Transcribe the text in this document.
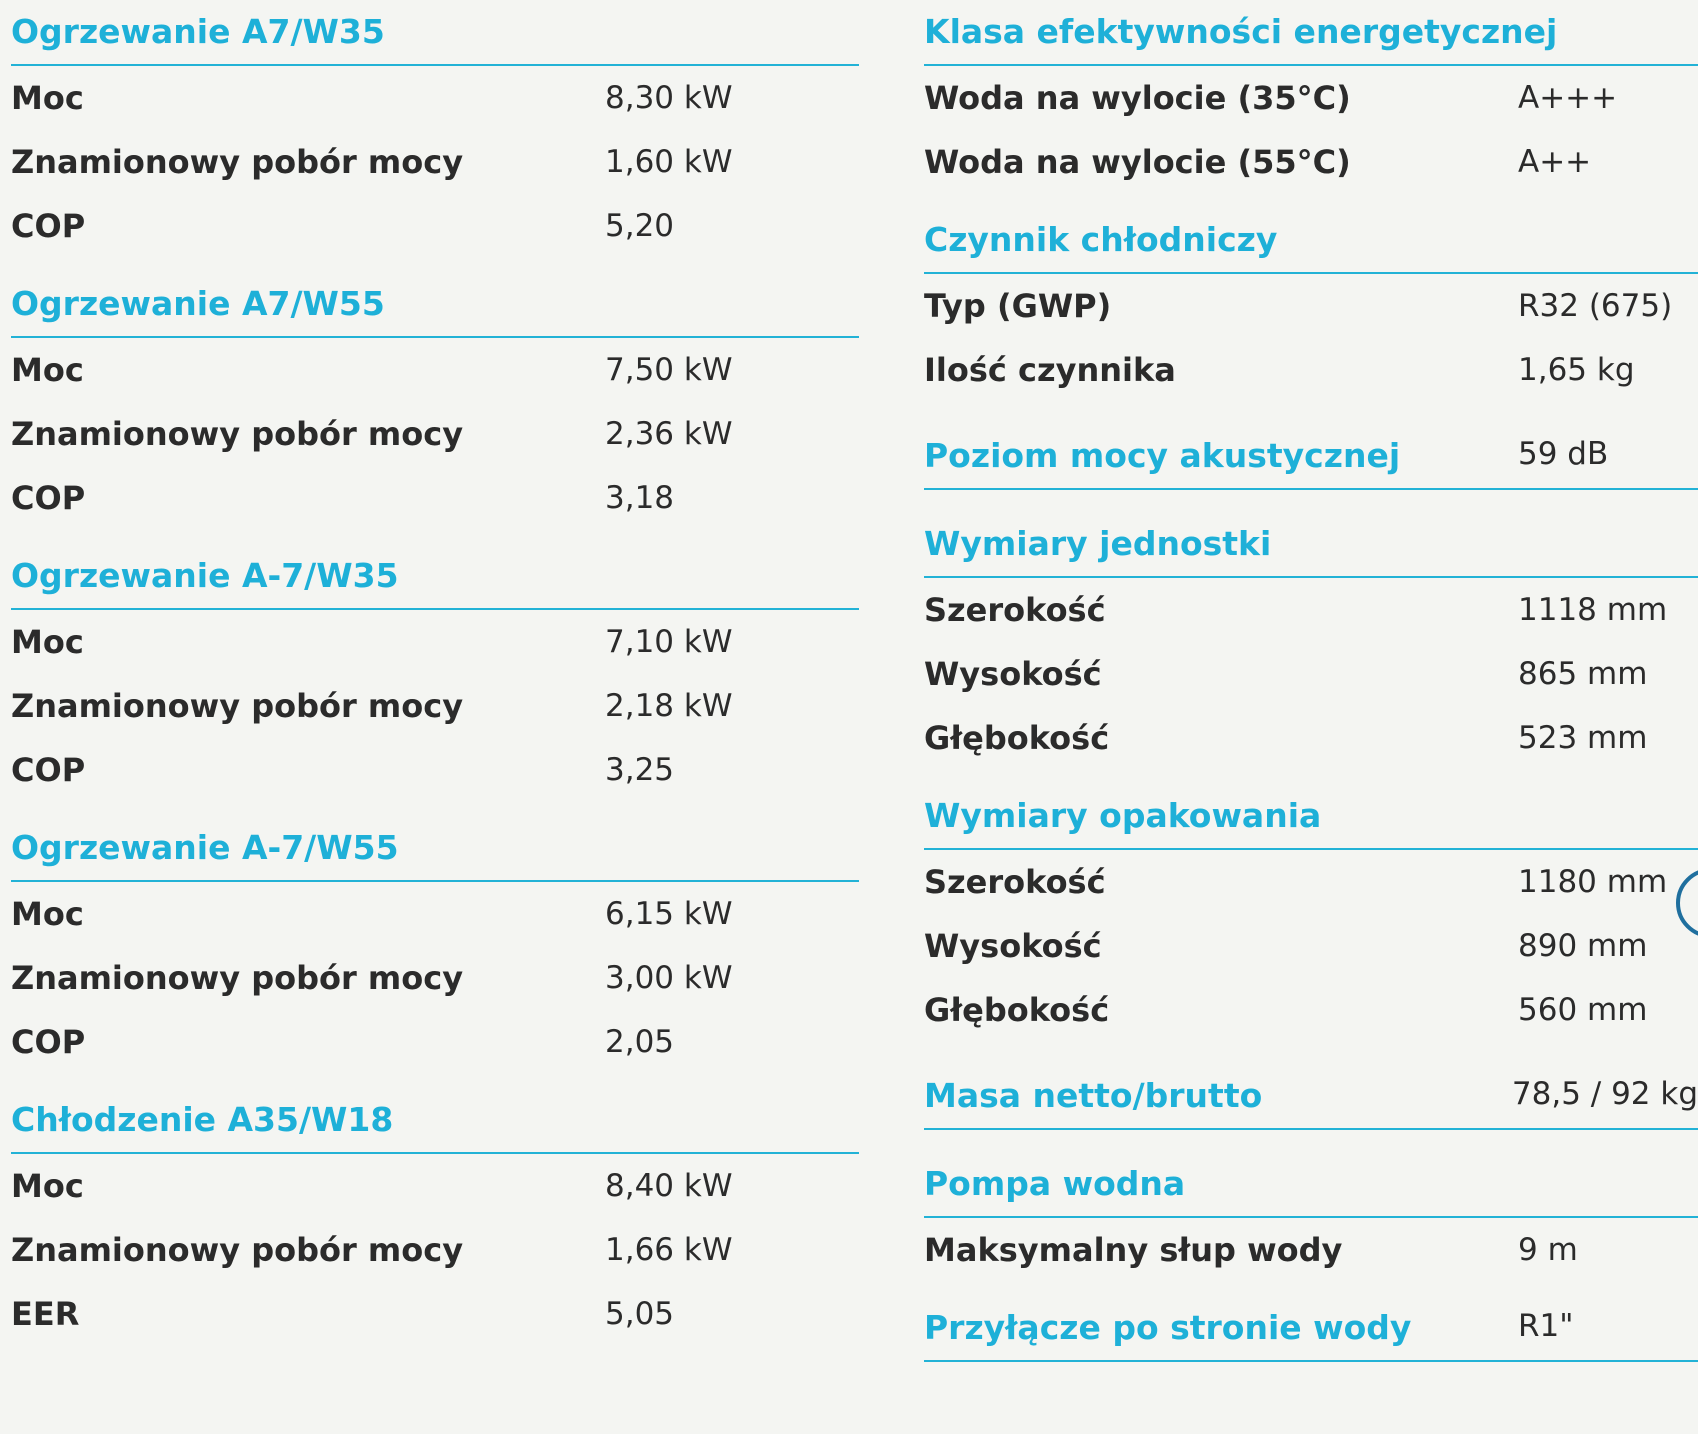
Ogrzewanie A7/W35
Moc	8,30 kW
Znamionowy pobór mocy	1,60 kW
COP	5,20
Ogrzewanie A7/W55
Moc	7,50 kW
Znamionowy pobór mocy	2,36 kW
COP	3,18
Ogrzewanie A-7/W35
Moc	7,10 kW
Znamionowy pobór mocy	2,18 kW
COP	3,25
Ogrzewanie A-7/W55
Moc	6,15 kW
Znamionowy pobór mocy	3,00 kW
COP	2,05
Chłodzenie A35/W18
Moc	8,40 kW
Znamionowy pobór mocy	1,66 kW
EER	5,05
Klasa efektywności energetycznej
Woda na wylocie (35°C)	A+++
Woda na wylocie (55°C)	A++
Czynnik chłodniczy
Typ (GWP)	R32 (675)
Ilość czynnika	1,65 kg
Poziom mocy akustycznej	59 dB
Wymiary jednostki
Szerokość	1118 mm
Wysokość	865 mm
Głębokość	523 mm
Wymiary opakowania
Szerokość	1180 mm
Wysokość	890 mm
Głębokość	560 mm
Masa netto/brutto	78,5 / 92 kg
Pompa wodna
Maksymalny słup wody	9 m
Przyłącze po stronie wody	R1"
